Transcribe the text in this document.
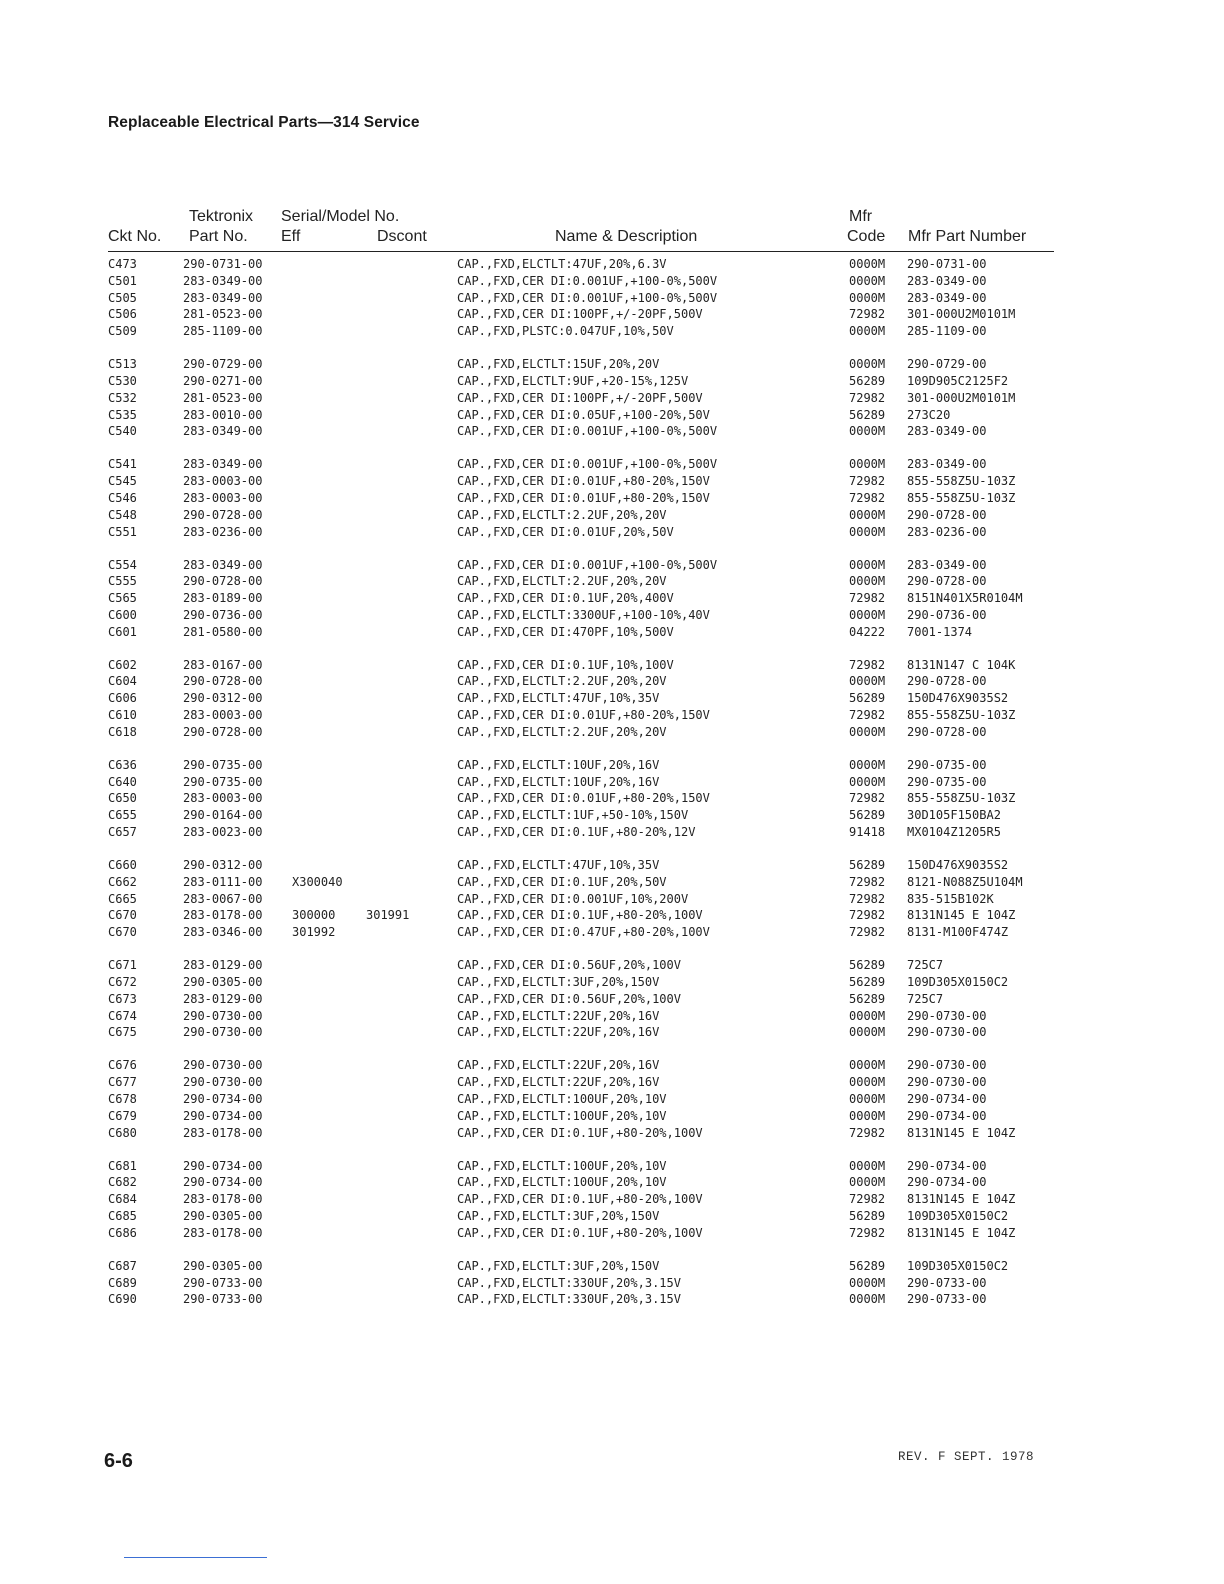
Replaceable Electrical Parts—314 Service
Tektronix Serial/Model No.	Mfr
Ckt No. Part No. Eff	Dscont	Name & Description	Code Mfr Part Number
C473	290-0731-00	CAP.,FXD,ELCTLT:47UF,20%,6.3V	0000M 290-0731-00
C501	283-0349-00	CAP.,FXD,CER DI:0.001UF,+100-0%,500V	0000M 283-0349-00
C505	283-0349-00	CAP.,FXD,CER DI:0.001UF,+100-0%,500V	0000M 283-0349-00
C506	281-0523-00	CAP.,FXD,CER DI:100PF,+/-20PF,500V	72982 301-000U2M0101M
C509	285-1109-00	CAP.,FXD,PLSTC:0.047UF,10%,50V	0000M 285-1109-00
C513	290-0729-00	CAP.,FXD,ELCTLT:15UF,20%,20V	0000M 290-0729-00
C530	290-0271-00	CAP.,FXD,ELCTLT:9UF,+20-15%,125V	56289 109D905C2125F2
C532	281-0523-00	CAP.,FXD,CER DI:100PF,+/-20PF,500V	72982 301-000U2M0101M
C535	283-0010-00	CAP.,FXD,CER DI:0.05UF,+100-20%,50V	56289 273C20
C540	283-0349-00	CAP.,FXD,CER DI:0.001UF,+100-0%,500V	0000M 283-0349-00
C541	283-0349-00	CAP.,FXD,CER DI:0.001UF,+100-0%,500V	0000M 283-0349-00
C545	283-0003-00	CAP.,FXD,CER DI:0.01UF,+80-20%,150V	72982 855-558Z5U-103Z
C546	283-0003-00	CAP.,FXD,CER DI:0.01UF,+80-20%,150V	72982 855-558Z5U-103Z
C548	290-0728-00	CAP.,FXD,ELCTLT:2.2UF,20%,20V	0000M 290-0728-00
C551	283-0236-00	CAP.,FXD,CER DI:0.01UF,20%,50V	0000M 283-0236-00
C554	283-0349-00	CAP.,FXD,CER DI:0.001UF,+100-0%,500V	0000M 283-0349-00
C555	290-0728-00	CAP.,FXD,ELCTLT:2.2UF,20%,20V	0000M 290-0728-00
C565	283-0189-00	CAP.,FXD,CER DI:0.1UF,20%,400V	72982 8151N401X5R0104M
C600	290-0736-00	CAP.,FXD,ELCTLT:3300UF,+100-10%,40V	0000M 290-0736-00
C601	281-0580-00	CAP.,FXD,CER DI:470PF,10%,500V	04222 7001-1374
C602	283-0167-00	CAP.,FXD,CER DI:0.1UF,10%,100V	72982 8131N147 C 104K
C604	290-0728-00	CAP.,FXD,ELCTLT:2.2UF,20%,20V	0000M 290-0728-00
C606	290-0312-00	CAP.,FXD,ELCTLT:47UF,10%,35V	56289 150D476X9035S2
C610	283-0003-00	CAP.,FXD,CER DI:0.01UF,+80-20%,150V	72982 855-558Z5U-103Z
C618	290-0728-00	CAP.,FXD,ELCTLT:2.2UF,20%,20V	0000M 290-0728-00
C636	290-0735-00	CAP.,FXD,ELCTLT:10UF,20%,16V	0000M 290-0735-00
C640	290-0735-00	CAP.,FXD,ELCTLT:10UF,20%,16V	0000M 290-0735-00
C650	283-0003-00	CAP.,FXD,CER DI:0.01UF,+80-20%,150V	72982 855-558Z5U-103Z
C655	290-0164-00	CAP.,FXD,ELCTLT:1UF,+50-10%,150V	56289 30D105F150BA2
C657	283-0023-00	CAP.,FXD,CER DI:0.1UF,+80-20%,12V	91418 MX0104Z1205R5
C660	290-0312-00	CAP.,FXD,ELCTLT:47UF,10%,35V	56289 150D476X9035S2
C662	283-0111-00 X300040	CAP.,FXD,CER DI:0.1UF,20%,50V	72982 8121-N088Z5U104M
C665	283-0067-00	CAP.,FXD,CER DI:0.001UF,10%,200V	72982 835-515B102K
C670	283-0178-00 300000	301991	CAP.,FXD,CER DI:0.1UF,+80-20%,100V	72982 8131N145 E 104Z
C670	283-0346-00 301992	CAP.,FXD,CER DI:0.47UF,+80-20%,100V	72982 8131-M100F474Z
C671	283-0129-00	CAP.,FXD,CER DI:0.56UF,20%,100V	56289 725C7
C672	290-0305-00	CAP.,FXD,ELCTLT:3UF,20%,150V	56289 109D305X0150C2
C673	283-0129-00	CAP.,FXD,CER DI:0.56UF,20%,100V	56289 725C7
C674	290-0730-00	CAP.,FXD,ELCTLT:22UF,20%,16V	0000M 290-0730-00
C675	290-0730-00	CAP.,FXD,ELCTLT:22UF,20%,16V	0000M 290-0730-00
C676	290-0730-00	CAP.,FXD,ELCTLT:22UF,20%,16V	0000M 290-0730-00
C677	290-0730-00	CAP.,FXD,ELCTLT:22UF,20%,16V	0000M 290-0730-00
C678	290-0734-00	CAP.,FXD,ELCTLT:100UF,20%,10V	0000M 290-0734-00
C679	290-0734-00	CAP.,FXD,ELCTLT:100UF,20%,10V	0000M 290-0734-00
C680	283-0178-00	CAP.,FXD,CER DI:0.1UF,+80-20%,100V	72982 8131N145 E 104Z
C681	290-0734-00	CAP.,FXD,ELCTLT:100UF,20%,10V	0000M 290-0734-00
C682	290-0734-00	CAP.,FXD,ELCTLT:100UF,20%,10V	0000M 290-0734-00
C684	283-0178-00	CAP.,FXD,CER DI:0.1UF,+80-20%,100V	72982 8131N145 E 104Z
C685	290-0305-00	CAP.,FXD,ELCTLT:3UF,20%,150V	56289 109D305X0150C2
C686	283-0178-00	CAP.,FXD,CER DI:0.1UF,+80-20%,100V	72982 8131N145 E 104Z
C687	290-0305-00	CAP.,FXD,ELCTLT:3UF,20%,150V	56289 109D305X0150C2
C689	290-0733-00	CAP.,FXD,ELCTLT:330UF,20%,3.15V	0000M 290-0733-00
C690	290-0733-00	CAP.,FXD,ELCTLT:330UF,20%,3.15V	0000M 290-0733-00
6-6	REV. F SEPT. 1978
